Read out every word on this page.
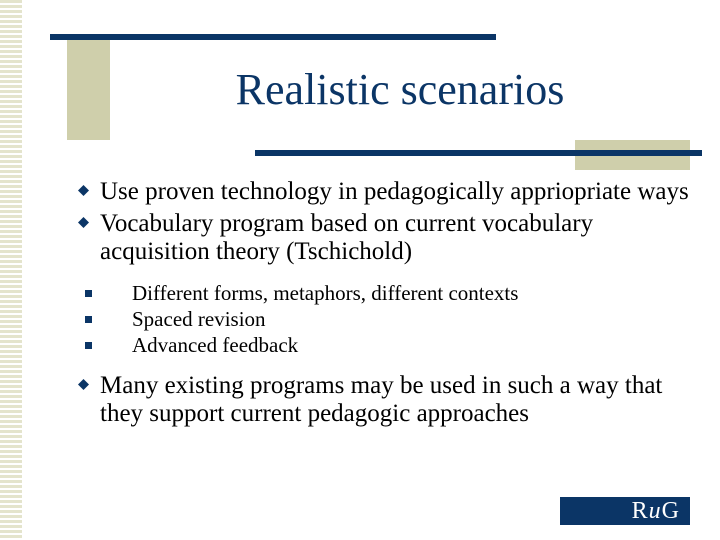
Realistic scenarios
Use proven technology in pedagogically appriopriate ways
Vocabulary program based on current vocabulary acquisition theory (Tschichold)
Different forms, metaphors, different contexts
Spaced revision
Advanced feedback
Many existing programs may be used in such a way that they support current pedagogic approaches
R u G
